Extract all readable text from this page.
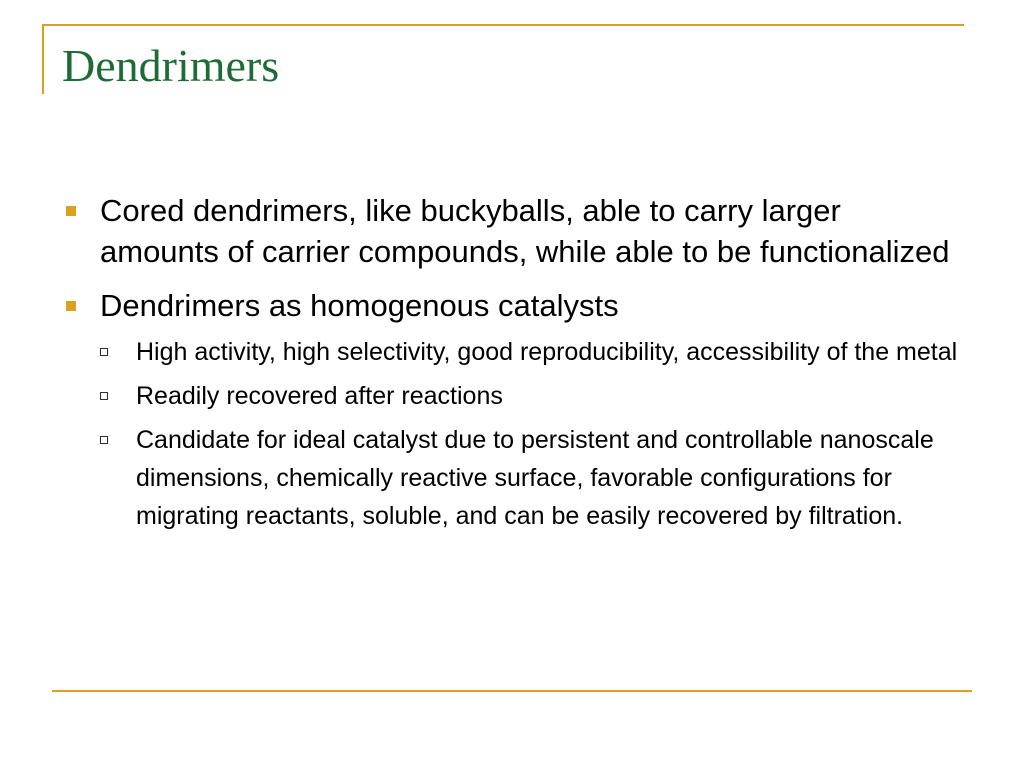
Dendrimers
Cored dendrimers, like buckyballs, able to carry larger amounts of carrier compounds, while able to be functionalized
Dendrimers as homogenous catalysts
High activity, high selectivity, good reproducibility, accessibility of the metal
Readily recovered after reactions
Candidate for ideal catalyst due to persistent and controllable nanoscale dimensions, chemically reactive surface, favorable configurations for migrating reactants, soluble, and can be easily recovered by filtration.
